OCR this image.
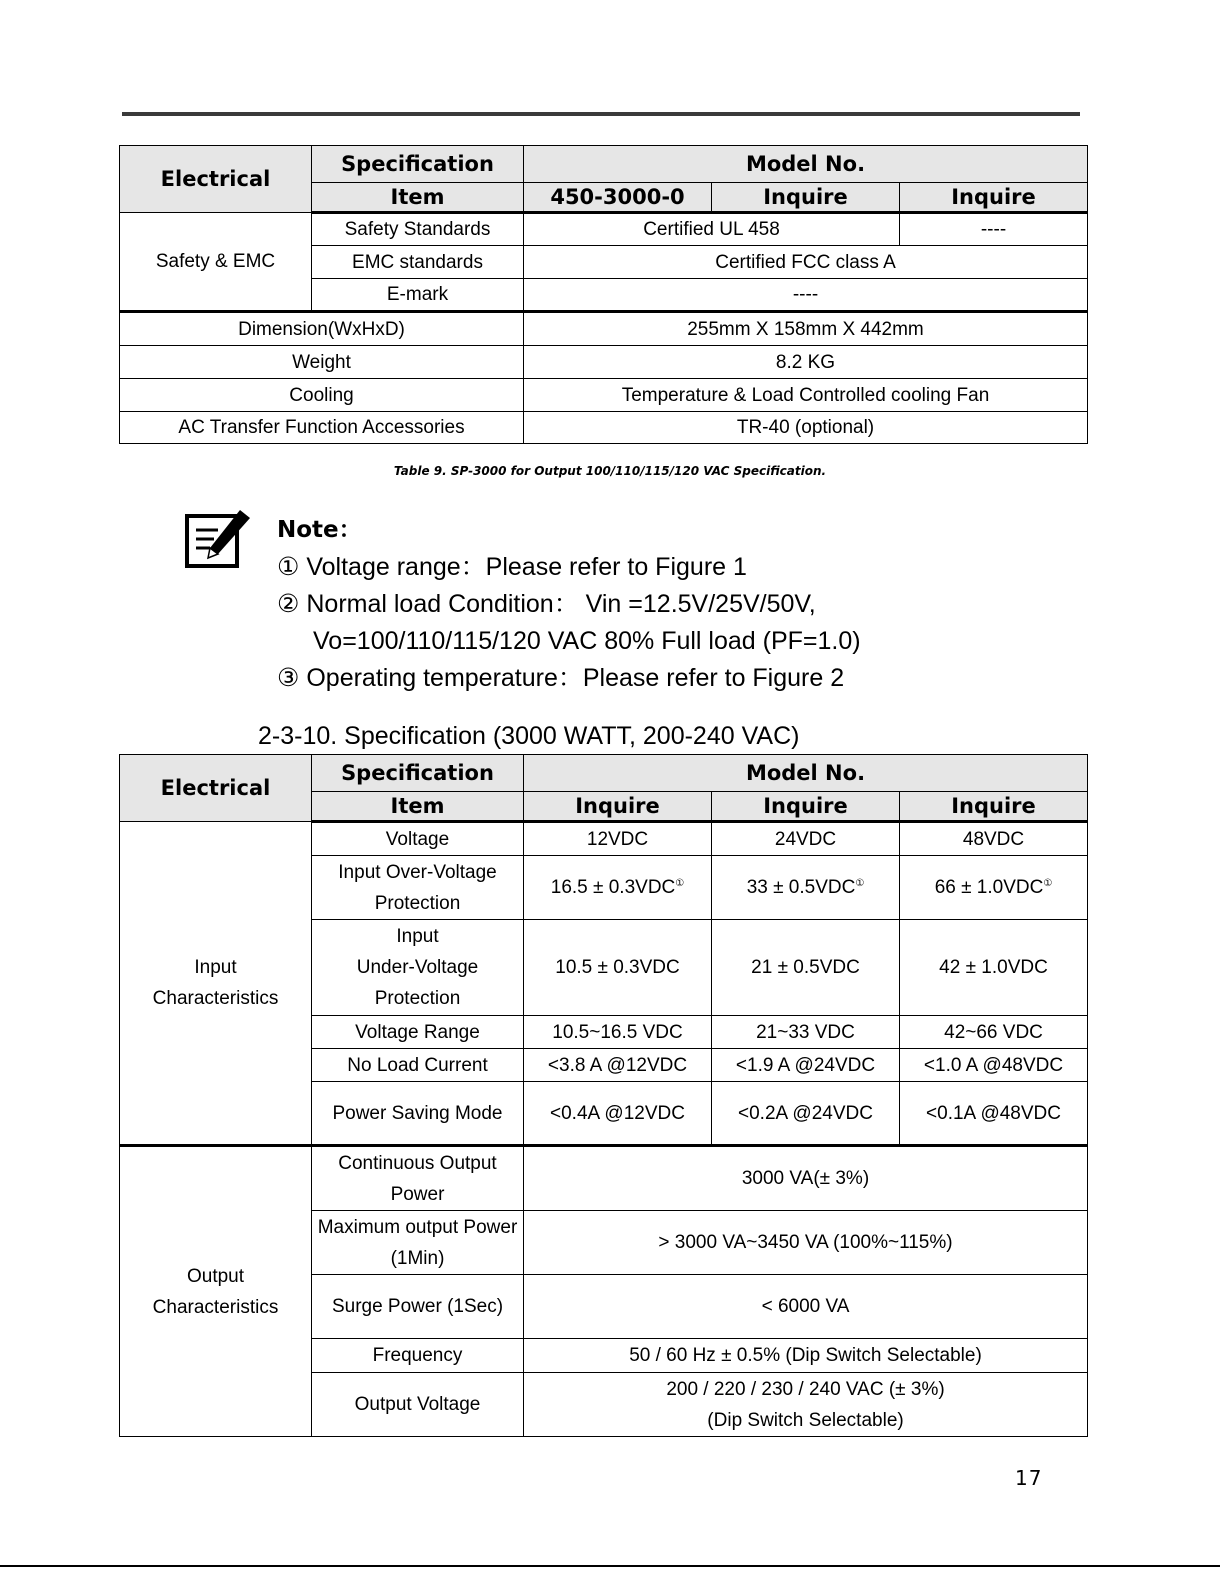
Electrical	Specification	Model No.		
	Item	450-3000-0	Inquire	Inquire
Safety & EMC	Safety Standards	Certified UL 458		----
	EMC standards	Certified FCC class A		
	E-mark	----		
Dimension(WxHxD)		255mm X 158mm X 442mm		
Weight		8.2 KG		
Cooling		Temperature & Load Controlled cooling Fan		
AC Transfer Function Accessories		TR-40 (optional)		
Table 9. SP-3000 for Output 100/110/115/120 VAC Specification.
Note：
① Voltage range：Please refer to Figure 1
② Normal load Condition： Vin =12.5V/25V/50V,
Vo=100/110/115/120 VAC 80% Full load (PF=1.0)
③ Operating temperature：Please refer to Figure 2
2-3-10. Specification (3000 WATT, 200-240 VAC)
Electrical	Specification	Model No.		
	Item	Inquire	Inquire	Inquire

Input
Characteristics	Voltage	12VDC	24VDC	48VDC
	Input Over-Voltage Protection	16.5 ± 0.3VDC①	33 ± 0.5VDC①	66 ± 1.0VDC①

	Input
Under-Voltage
Protection	10.5 ± 0.3VDC	21 ± 0.5VDC	42 ± 1.0VDC
	Voltage Range	10.5~16.5 VDC	21~33 VDC	42~66 VDC
	No Load Current	<3.8 A @12VDC	<1.9 A @24VDC	<1.0 A @48VDC
	Power Saving Mode	<0.4A @12VDC	<0.2A @24VDC	<0.1A @48VDC

Output
Characteristics	Continuous Output Power	3000 VA(± 3%)		
	Maximum output Power (1Min)	> 3000 VA~3450 VA (100%~115%)		
	Surge Power (1Sec)	< 6000 VA		
	Frequency	50 / 60 Hz ± 0.5% (Dip Switch Selectable)		
	Output Voltage	200 / 220 / 230 / 240 VAC (± 3%)
(Dip Switch Selectable)		
17
